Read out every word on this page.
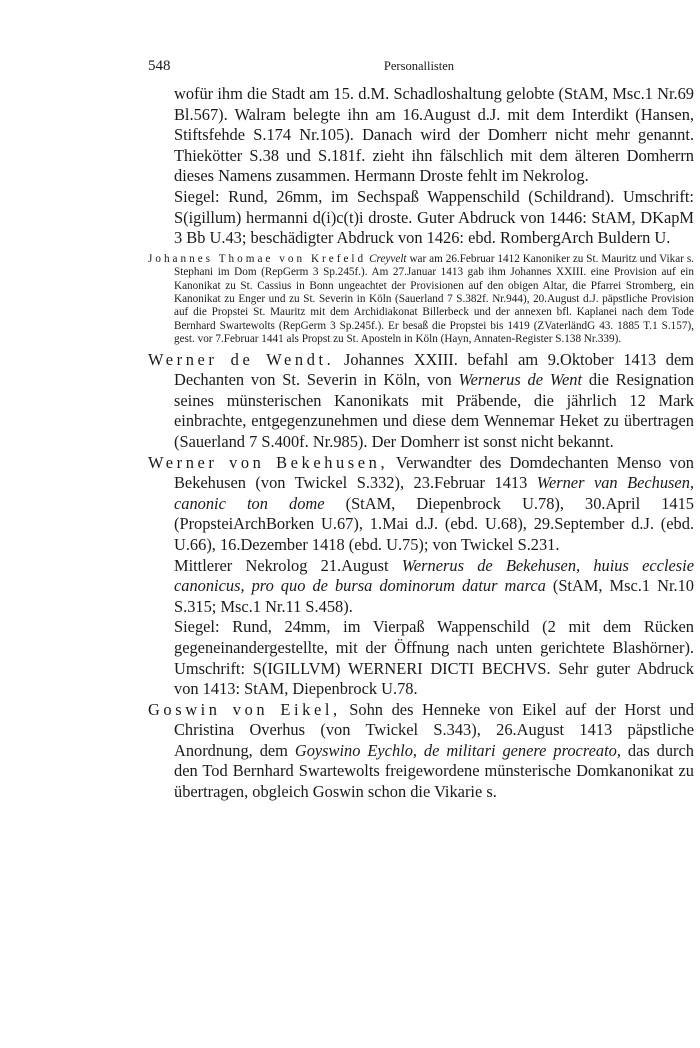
548	Personallisten

wofür ihm die Stadt am 15. d.M. Schadloshaltung gelobte (StAM, Msc.1 Nr.69 Bl.567). Walram belegte ihn am 16.August d.J. mit dem Interdikt (Hansen, Stiftsfehde S.174 Nr.105). Danach wird der Domherr nicht mehr genannt. Thiekötter S.38 und S.181f. zieht ihn fälschlich mit dem älteren Domherrn dieses Namens zusammen. Hermann Droste fehlt im Nekrolog.

Siegel: Rund, 26mm, im Sechspaß Wappenschild (Schildrand). Umschrift: S(igillum) hermanni d(i)c(t)i droste. Guter Abdruck von 1446: StAM, DKapM 3 Bb U.43; beschädigter Abdruck von 1426: ebd. RombergArch Buldern U.

Johannes Thomae von Krefeld Creyvelt war am 26.Februar 1412 Kanoniker zu St. Mauritz und Vikar s. Stephani im Dom (RepGerm 3 Sp.245f.). Am 27.Januar 1413 gab ihm Johannes XXIII. eine Provision auf ein Kanonikat zu St. Cassius in Bonn ungeachtet der Provisionen auf den obigen Altar, die Pfarrei Stromberg, ein Kanonikat zu Enger und zu St. Severin in Köln (Sauerland 7 S.382f. Nr.944), 20.August d.J. päpstliche Provision auf die Propstei St. Mauritz mit dem Archidiakonat Billerbeck und der annexen bfl. Kaplanei nach dem Tode Bernhard Swartewolts (RepGerm 3 Sp.245f.). Er besaß die Propstei bis 1419 (ZVaterländG 43. 1885 T.1 S.157), gest. vor 7.Februar 1441 als Propst zu St. Aposteln in Köln (Hayn, Annaten-Register S.138 Nr.339).

Werner de Wendt. Johannes XXIII. befahl am 9.Oktober 1413 dem Dechanten von St. Severin in Köln, von Wernerus de Went die Resignation seines münsterischen Kanonikats mit Präbende, die jährlich 12 Mark einbrachte, entgegenzunehmen und diese dem Wennemar Heket zu übertragen (Sauerland 7 S.400f. Nr.985). Der Domherr ist sonst nicht bekannt.

Werner von Bekehusen, Verwandter des Domdechanten Menso von Bekehusen (von Twickel S.332), 23.Februar 1413 Werner van Bechusen, canonic ton dome (StAM, Diepenbrock U.78), 30.April 1415 (PropsteiArchBorken U.67), 1.Mai d.J. (ebd. U.68), 29.September d.J. (ebd. U.66), 16.Dezember 1418 (ebd. U.75); von Twickel S.231.

Mittlerer Nekrolog 21.August Wernerus de Bekehusen, huius ecclesie canonicus, pro quo de bursa dominorum datur marca (StAM, Msc.1 Nr.10 S.315; Msc.1 Nr.11 S.458).

Siegel: Rund, 24mm, im Vierpaß Wappenschild (2 mit dem Rücken gegeneinandergestellte, mit der Öffnung nach unten gerichtete Blashörner). Umschrift: S(IGILLVM) WERNERI DICTI BECHVS. Sehr guter Abdruck von 1413: StAM, Diepenbrock U.78.

Goswin von Eikel, Sohn des Henneke von Eikel auf der Horst und Christina Overhus (von Twickel S.343), 26.August 1413 päpstliche Anordnung, dem Goyswino Eychlo, de militari genere procreato, das durch den Tod Bernhard Swartewolts freigewordene münsterische Domkanonikat zu übertragen, obgleich Goswin schon die Vikarie s.
